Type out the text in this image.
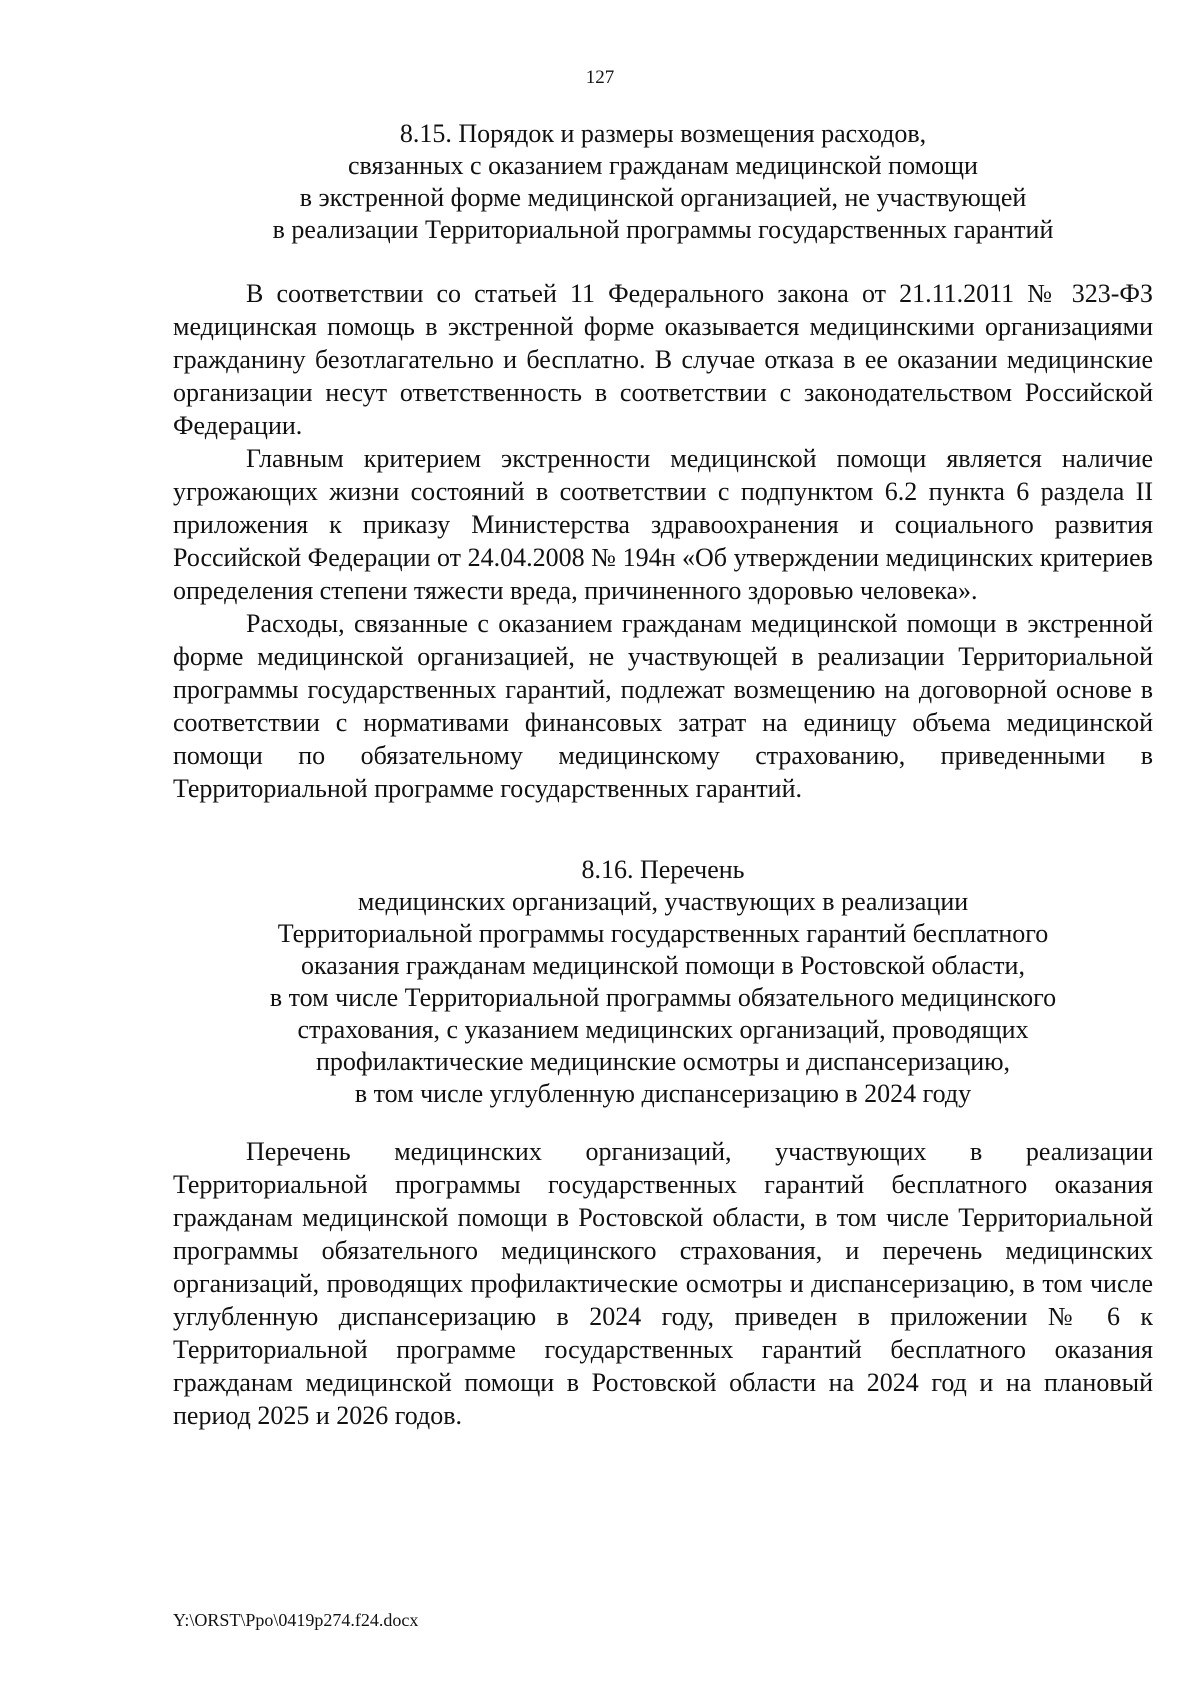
127
8.15. Порядок и размеры возмещения расходов,
связанных с оказанием гражданам медицинской помощи
в экстренной форме медицинской организацией, не участвующей
в реализации Территориальной программы государственных гарантий

В соответствии со статьей 11 Федерального закона от 21.11.2011 № 323-ФЗ медицинская помощь в экстренной форме оказывается медицинскими организациями гражданину безотлагательно и бесплатно. В случае отказа в ее оказании медицинские организации несут ответственность в соответствии с законодательством Российской Федерации.

Главным критерием экстренности медицинской помощи является наличие угрожающих жизни состояний в соответствии с подпунктом 6.2 пункта 6 раздела II приложения к приказу Министерства здравоохранения и социального развития Российской Федерации от 24.04.2008 № 194н «Об утверждении медицинских критериев определения степени тяжести вреда, причиненного здоровью человека».

Расходы, связанные с оказанием гражданам медицинской помощи в экстренной форме медицинской организацией, не участвующей в реализации Территориальной программы государственных гарантий, подлежат возмещению на договорной основе в соответствии с нормативами финансовых затрат на единицу объема медицинской помощи по обязательному медицинскому страхованию, приведенными в Территориальной программе государственных гарантий.

8.16. Перечень
медицинских организаций, участвующих в реализации
Территориальной программы государственных гарантий бесплатного
оказания гражданам медицинской помощи в Ростовской области,
в том числе Территориальной программы обязательного медицинского
страхования, с указанием медицинских организаций, проводящих
профилактические медицинские осмотры и диспансеризацию,
в том числе углубленную диспансеризацию в 2024 году

Перечень медицинских организаций, участвующих в реализации Территориальной программы государственных гарантий бесплатного оказания гражданам медицинской помощи в Ростовской области, в том числе Территориальной программы обязательного медицинского страхования, и перечень медицинских организаций, проводящих профилактические осмотры и диспансеризацию, в том числе углубленную диспансеризацию в 2024 году, приведен в приложении № 6 к Территориальной программе государственных гарантий бесплатного оказания гражданам медицинской помощи в Ростовской области на 2024 год и на плановый период 2025 и 2026 годов.

Y:\ORST\Ppo\0419p274.f24.docx
